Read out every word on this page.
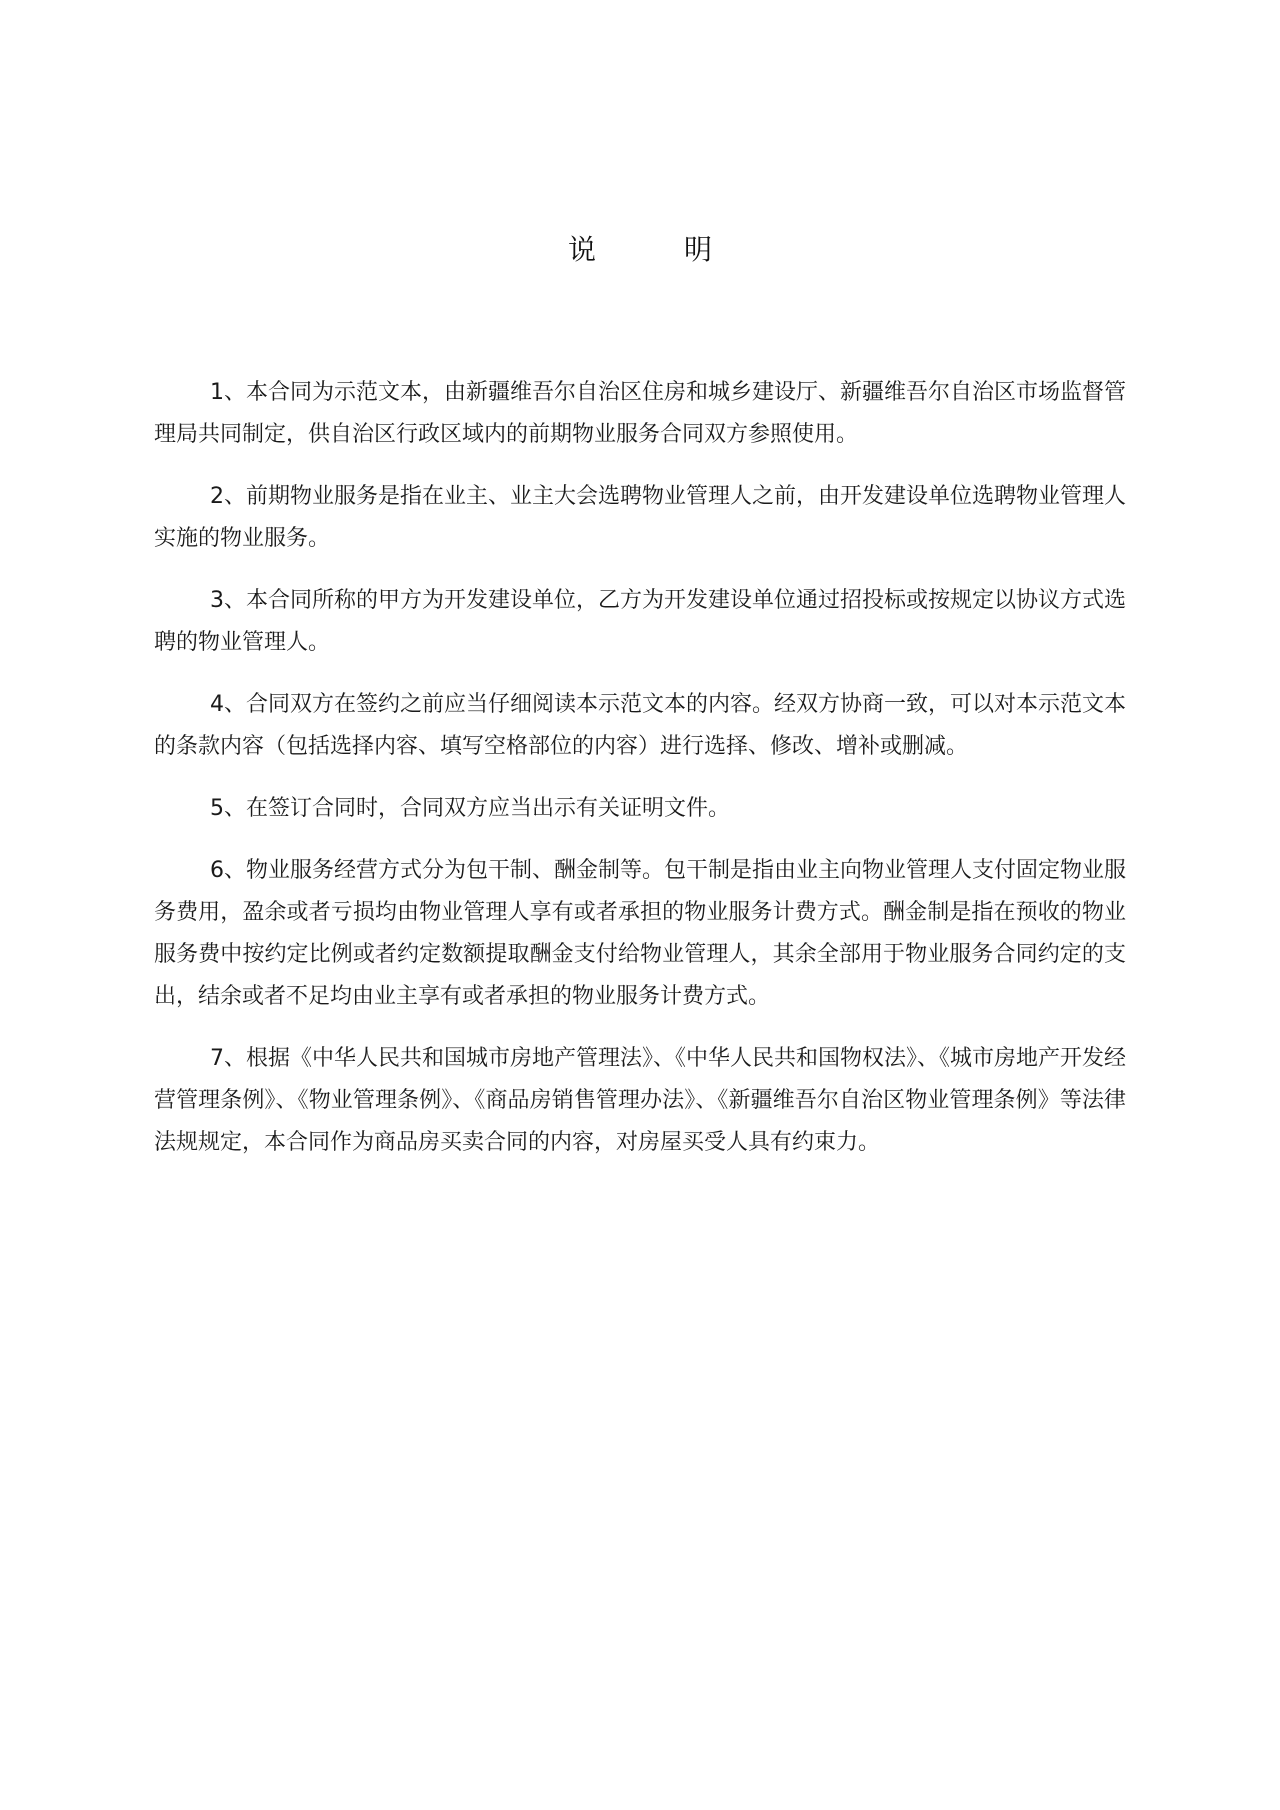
说	明

1、本合同为示范文本，由新疆维吾尔自治区住房和城乡建设厅、新疆维吾尔自治区市场监督管理局共同制定，供自治区行政区域内的前期物业服务合同双方参照使用。

2、前期物业服务是指在业主、业主大会选聘物业管理人之前，由开发建设单位选聘物业管理人实施的物业服务。

3、本合同所称的甲方为开发建设单位，乙方为开发建设单位通过招投标或按规定以协议方式选聘的物业管理人。

4、合同双方在签约之前应当仔细阅读本示范文本的内容。经双方协商一致，可以对本示范文本的条款内容（包括选择内容、填写空格部位的内容）进行选择、修改、增补或删减。

5、在签订合同时，合同双方应当出示有关证明文件。

6、物业服务经营方式分为包干制、酬金制等。包干制是指由业主向物业管理人支付固定物业服务费用，盈余或者亏损均由物业管理人享有或者承担的物业服务计费方式。酬金制是指在预收的物业服务费中按约定比例或者约定数额提取酬金支付给物业管理人，其余全部用于物业服务合同约定的支出，结余或者不足均由业主享有或者承担的物业服务计费方式。

7、根据《中华人民共和国城市房地产管理法》、《中华人民共和国物权法》、《城市房地产开发经营管理条例》、《物业管理条例》、《商品房销售管理办法》、《新疆维吾尔自治区物业管理条例》等法律法规规定，本合同作为商品房买卖合同的内容，对房屋买受人具有约束力。
